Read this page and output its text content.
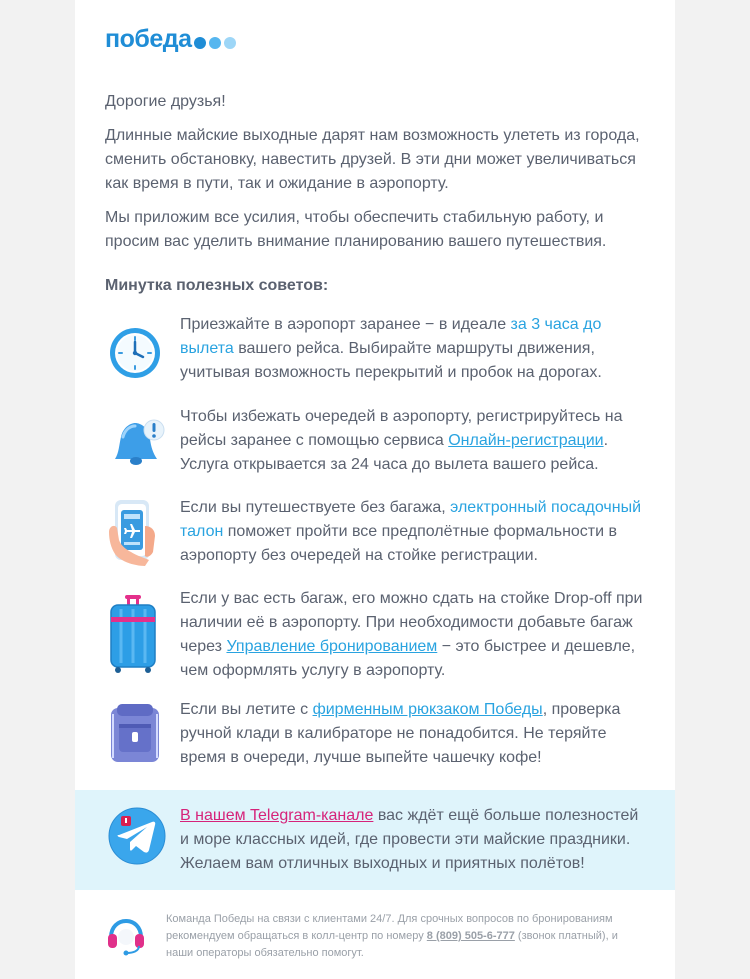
победа

Дорогие друзья!

Длинные майские выходные дарят нам возможность улететь из города, сменить обстановку, навестить друзей. В эти дни может увеличиваться как время в пути, так и ожидание в аэропорту.

Мы приложим все усилия, чтобы обеспечить стабильную работу, и просим вас уделить внимание планированию вашего путешествия.

Минутка полезных советов:

Приезжайте в аэропорт заранее − в идеале за 3 часа до вылета вашего рейса. Выбирайте маршруты движения, учитывая возможность перекрытий и пробок на дорогах.

Чтобы избежать очередей в аэропорту, регистрируйтесь на рейсы заранее с помощью сервиса Онлайн-регистрации. Услуга открывается за 24 часа до вылета вашего рейса.

Если вы путешествуете без багажа, электронный посадочный талон поможет пройти все предполётные формальности в аэропорту без очередей на стойке регистрации.

Если у вас есть багаж, его можно сдать на стойке Drop-off при наличии её в аэропорту. При необходимости добавьте багаж через Управление бронированием − это быстрее и дешевле, чем оформлять услугу в аэропорту.

Если вы летите с фирменным рюкзаком Победы, проверка ручной клади в калибраторе не понадобится. Не теряйте время в очереди, лучше выпейте чашечку кофе!

В нашем Telegram-канале вас ждёт ещё больше полезностей и море классных идей, где провести эти майские праздники. Желаем вам отличных выходных и приятных полётов!

Команда Победы на связи с клиентами 24/7. Для срочных вопросов по бронированиям рекомендуем обращаться в колл-центр по номеру 8 (809) 505-6-777 (звонок платный), и наши операторы обязательно помогут.
